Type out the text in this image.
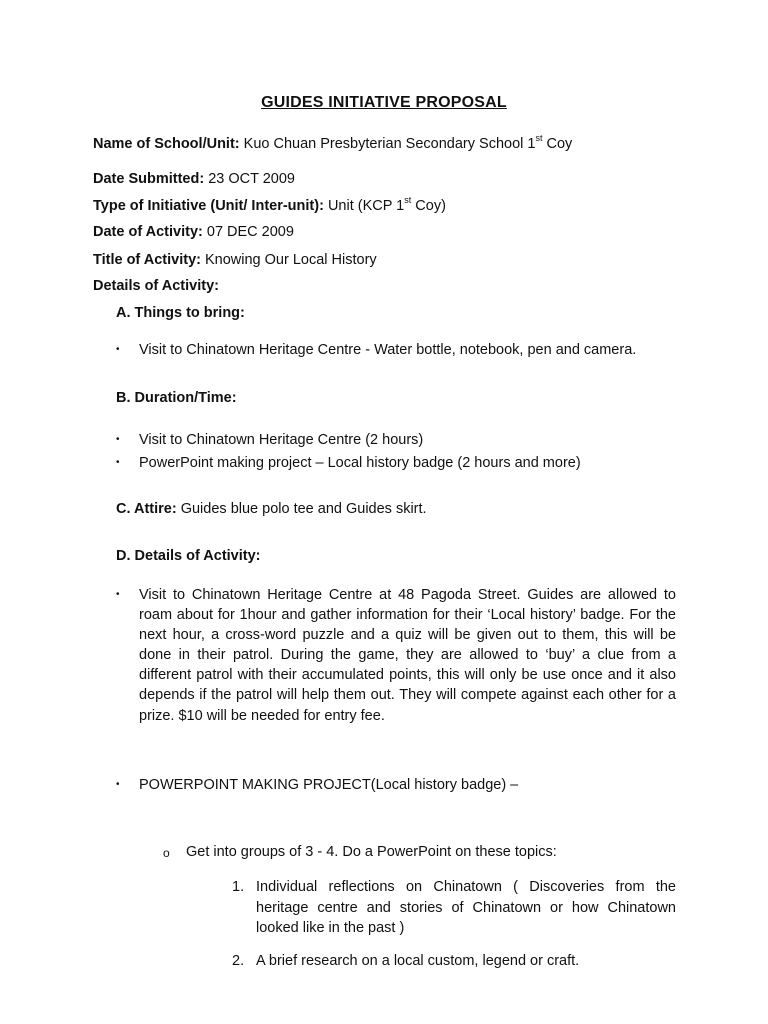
GUIDES INITIATIVE PROPOSAL
Name of School/Unit: Kuo Chuan Presbyterian Secondary School 1st Coy
Date Submitted: 23 OCT 2009
Type of Initiative (Unit/ Inter-unit): Unit (KCP 1st Coy)
Date of Activity: 07 DEC 2009
Title of Activity: Knowing Our Local History
Details of Activity:
A. Things to bring:
• Visit to Chinatown Heritage Centre - Water bottle, notebook, pen and camera.
B. Duration/Time:
• Visit to Chinatown Heritage Centre (2 hours)
• PowerPoint making project – Local history badge (2 hours and more)
C. Attire: Guides blue polo tee and Guides skirt.
D. Details of Activity:
• Visit to Chinatown Heritage Centre at 48 Pagoda Street. Guides are allowed to roam about for 1hour and gather information for their ‘Local history’ badge. For the next hour, a cross-word puzzle and a quiz will be given out to them, this will be done in their patrol. During the game, they are allowed to ‘buy’ a clue from a different patrol with their accumulated points, this will only be use once and it also depends if the patrol will help them out. They will compete against each other for a prize. $10 will be needed for entry fee.
• POWERPOINT MAKING PROJECT(Local history badge) –
o Get into groups of 3 - 4. Do a PowerPoint on these topics:
1. Individual reflections on Chinatown ( Discoveries from the heritage centre and stories of Chinatown or how Chinatown looked like in the past )
2. A brief research on a local custom, legend or craft.
